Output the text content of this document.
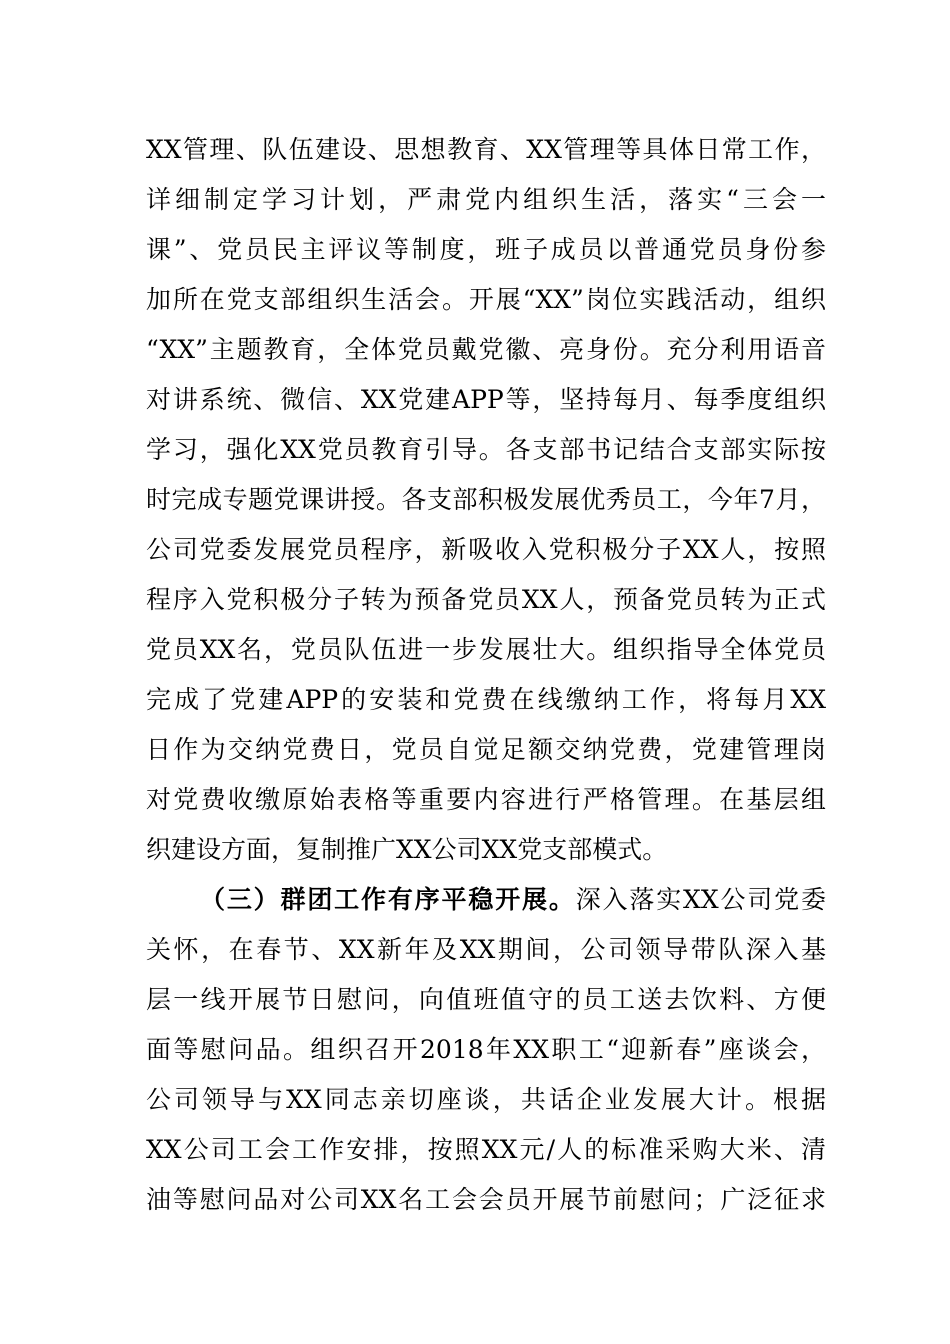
XX管理、队伍建设、思想教育、XX管理等具体日常工作，
详细制定学习计划，严肃党内组织生活，落实“三会一
课”、党员民主评议等制度，班子成员以普通党员身份参
加所在党支部组织生活会。开展“XX”岗位实践活动，组织
“XX”主题教育，全体党员戴党徽、亮身份。充分利用语音
对讲系统、微信、XX党建APP等，坚持每月、每季度组织
学习，强化XX党员教育引导。各支部书记结合支部实际按
时完成专题党课讲授。各支部积极发展优秀员工，今年7月，
公司党委发展党员程序，新吸收入党积极分子XX人，按照
程序入党积极分子转为预备党员XX人，预备党员转为正式
党员XX名，党员队伍进一步发展壮大。组织指导全体党员
完成了党建APP的安装和党费在线缴纳工作，将每月XX
日作为交纳党费日，党员自觉足额交纳党费，党建管理岗
对党费收缴原始表格等重要内容进行严格管理。在基层组
织建设方面，复制推广XX公司XX党支部模式。
（三）群团工作有序平稳开展。深入落实XX公司党委
关怀，在春节、XX新年及XX期间，公司领导带队深入基
层一线开展节日慰问，向值班值守的员工送去饮料、方便
面等慰问品。组织召开2018年XX职工“迎新春”座谈会，
公司领导与XX同志亲切座谈，共话企业发展大计。根据
XX公司工会工作安排，按照XX元/人的标准采购大米、清
油等慰问品对公司XX名工会会员开展节前慰问；广泛征求
